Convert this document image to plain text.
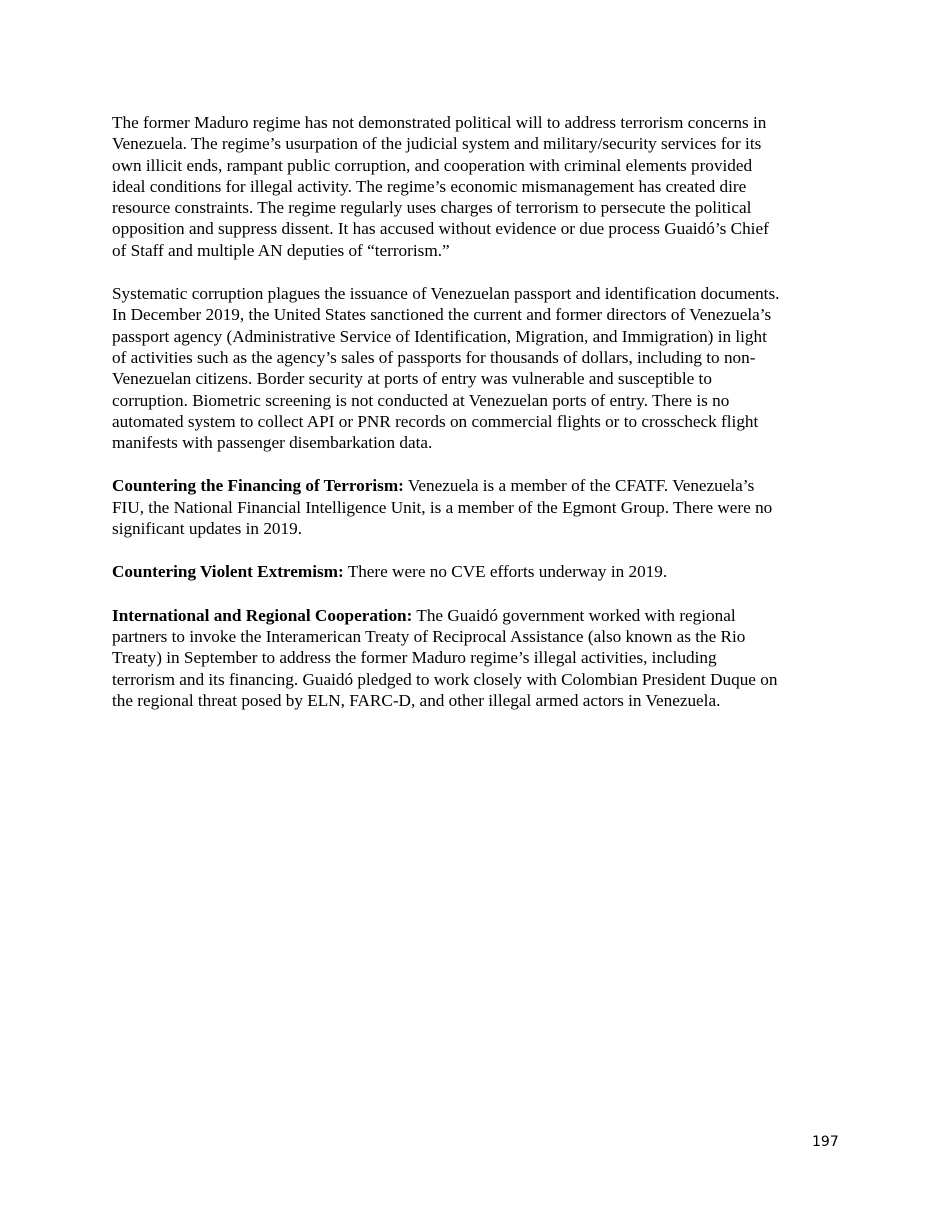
The former Maduro regime has not demonstrated political will to address terrorism concerns in
Venezuela. The regime’s usurpation of the judicial system and military/security services for its
own illicit ends, rampant public corruption, and cooperation with criminal elements provided
ideal conditions for illegal activity. The regime’s economic mismanagement has created dire
resource constraints. The regime regularly uses charges of terrorism to persecute the political
opposition and suppress dissent. It has accused without evidence or due process Guaidó’s Chief
of Staff and multiple AN deputies of “terrorism.”

Systematic corruption plagues the issuance of Venezuelan passport and identification documents.
In December 2019, the United States sanctioned the current and former directors of Venezuela’s
passport agency (Administrative Service of Identification, Migration, and Immigration) in light
of activities such as the agency’s sales of passports for thousands of dollars, including to non-
Venezuelan citizens. Border security at ports of entry was vulnerable and susceptible to
corruption. Biometric screening is not conducted at Venezuelan ports of entry. There is no
automated system to collect API or PNR records on commercial flights or to crosscheck flight
manifests with passenger disembarkation data.

Countering the Financing of Terrorism: Venezuela is a member of the CFATF. Venezuela’s
FIU, the National Financial Intelligence Unit, is a member of the Egmont Group. There were no
significant updates in 2019.

Countering Violent Extremism: There were no CVE efforts underway in 2019.

International and Regional Cooperation: The Guaidó government worked with regional
partners to invoke the Interamerican Treaty of Reciprocal Assistance (also known as the Rio
Treaty) in September to address the former Maduro regime’s illegal activities, including
terrorism and its financing. Guaidó pledged to work closely with Colombian President Duque on
the regional threat posed by ELN, FARC-D, and other illegal armed actors in Venezuela.

197
